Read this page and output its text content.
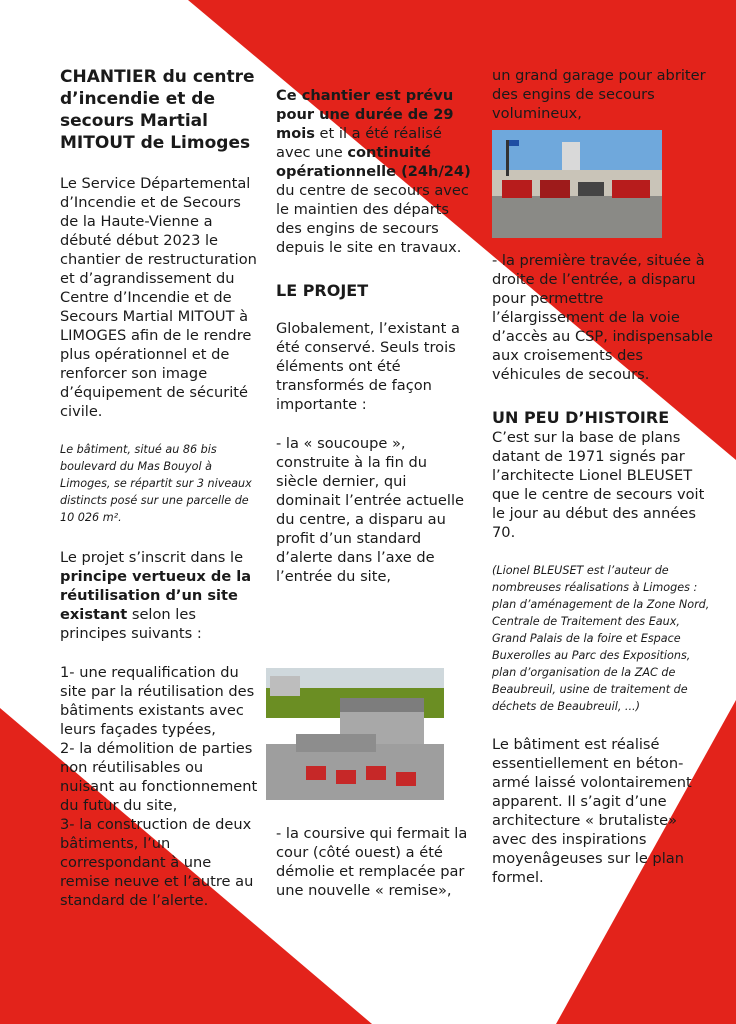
CHANTIER du centre d’incendie et de secours Martial MITOUT de Limoges

Le Service Départemental d’Incendie et de Secours de la Haute-Vienne a débuté début 2023 le chantier de restructuration et d’agrandissement du Centre d’Incendie et de Secours Martial MITOUT à LIMOGES afin de le rendre plus opérationnel et de renforcer son image d’équipement de sécurité civile.

Le bâtiment, situé au 86 bis boulevard du Mas Bouyol à Limoges, se répartit sur 3 niveaux distincts posé sur une parcelle de 10 026 m².

Le projet s’inscrit dans le principe vertueux de la réutilisation d’un site existant selon les principes suivants :

1- une requalification du site par la réutilisation des bâtiments existants avec leurs façades typées,

2- la démolition de parties non réutilisables ou nuisant au fonctionnement du futur du site,

3- la construction de deux bâtiments, l’un correspondant à une remise neuve et l’autre au standard de l’alerte.

Ce chantier est prévu pour une durée de 29 mois et il a été réalisé avec une continuité opérationnelle (24h/24) du centre de secours avec le maintien des départs des engins de secours depuis le site en travaux.

LE PROJET

Globalement, l’existant a été conservé. Seuls trois éléments ont été transformés de façon importante :

- la « soucoupe », construite à la fin du siècle dernier, qui dominait l’entrée actuelle du centre, a disparu au profit d’un standard d’alerte dans l’axe de l’entrée du site,

- la coursive qui fermait la cour (côté ouest) a été démolie et remplacée par une nouvelle « remise»,

un grand garage pour abriter des engins de secours volumineux,

- la première travée, située à droite de l’entrée, a disparu pour permettre l’élargissement de la voie d’accès au CSP, indispensable aux croisements des véhicules de secours.

UN PEU D’HISTOIRE

C’est sur la base de plans datant de 1971 signés par l’architecte Lionel BLEUSET que le centre de secours voit le jour au début des années 70.

(Lionel BLEUSET est l’auteur de nombreuses réalisations à Limoges : plan d’aménagement de la Zone Nord, Centrale de Traitement des Eaux, Grand Palais de la foire et Espace Buxerolles au Parc des Expositions, plan d’organisation de la ZAC de Beaubreuil, usine de traitement de déchets de Beaubreuil, ...)

Le bâtiment est réalisé essentiellement en béton-armé laissé volontairement apparent. Il s’agit d’une architecture « brutaliste» avec des inspirations moyenâgeuses sur le plan formel.
